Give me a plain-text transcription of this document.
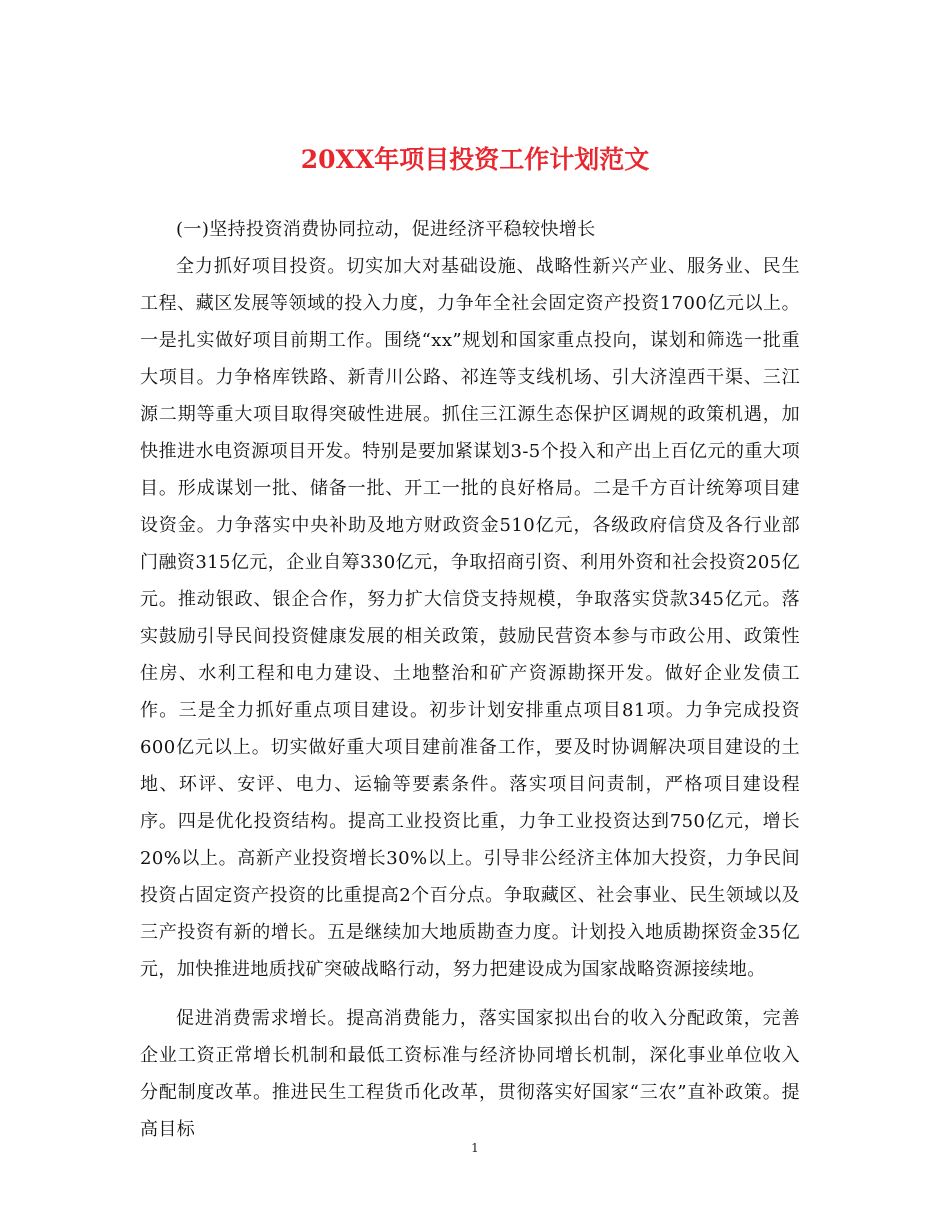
20XX年项目投资工作计划范文

(一)坚持投资消费协同拉动，促进经济平稳较快增长

全力抓好项目投资。切实加大对基础设施、战略性新兴产业、服务业、民生工程、藏区发展等领域的投入力度，力争年全社会固定资产投资1700亿元以上。一是扎实做好项目前期工作。围绕“xx”规划和国家重点投向，谋划和筛选一批重大项目。力争格库铁路、新青川公路、祁连等支线机场、引大济湟西干渠、三江源二期等重大项目取得突破性进展。抓住三江源生态保护区调规的政策机遇，加快推进水电资源项目开发。特别是要加紧谋划3-5个投入和产出上百亿元的重大项目。形成谋划一批、储备一批、开工一批的良好格局。二是千方百计统筹项目建设资金。力争落实中央补助及地方财政资金510亿元，各级政府信贷及各行业部门融资315亿元，企业自筹330亿元，争取招商引资、利用外资和社会投资205亿元。推动银政、银企合作，努力扩大信贷支持规模，争取落实贷款345亿元。落实鼓励引导民间投资健康发展的相关政策，鼓励民营资本参与市政公用、政策性住房、水利工程和电力建设、土地整治和矿产资源勘探开发。做好企业发债工作。三是全力抓好重点项目建设。初步计划安排重点项目81项。力争完成投资600亿元以上。切实做好重大项目建前准备工作，要及时协调解决项目建设的土地、环评、安评、电力、运输等要素条件。落实项目问责制，严格项目建设程序。四是优化投资结构。提高工业投资比重，力争工业投资达到750亿元，增长20%以上。高新产业投资增长30%以上。引导非公经济主体加大投资，力争民间投资占固定资产投资的比重提高2个百分点。争取藏区、社会事业、民生领域以及三产投资有新的增长。五是继续加大地质勘查力度。计划投入地质勘探资金35亿元，加快推进地质找矿突破战略行动，努力把建设成为国家战略资源接续地。

促进消费需求增长。提高消费能力，落实国家拟出台的收入分配政策，完善企业工资正常增长机制和最低工资标准与经济协同增长机制，深化事业单位收入分配制度改革。推进民生工程货币化改革，贯彻落实好国家“三农”直补政策。提高目标

1
